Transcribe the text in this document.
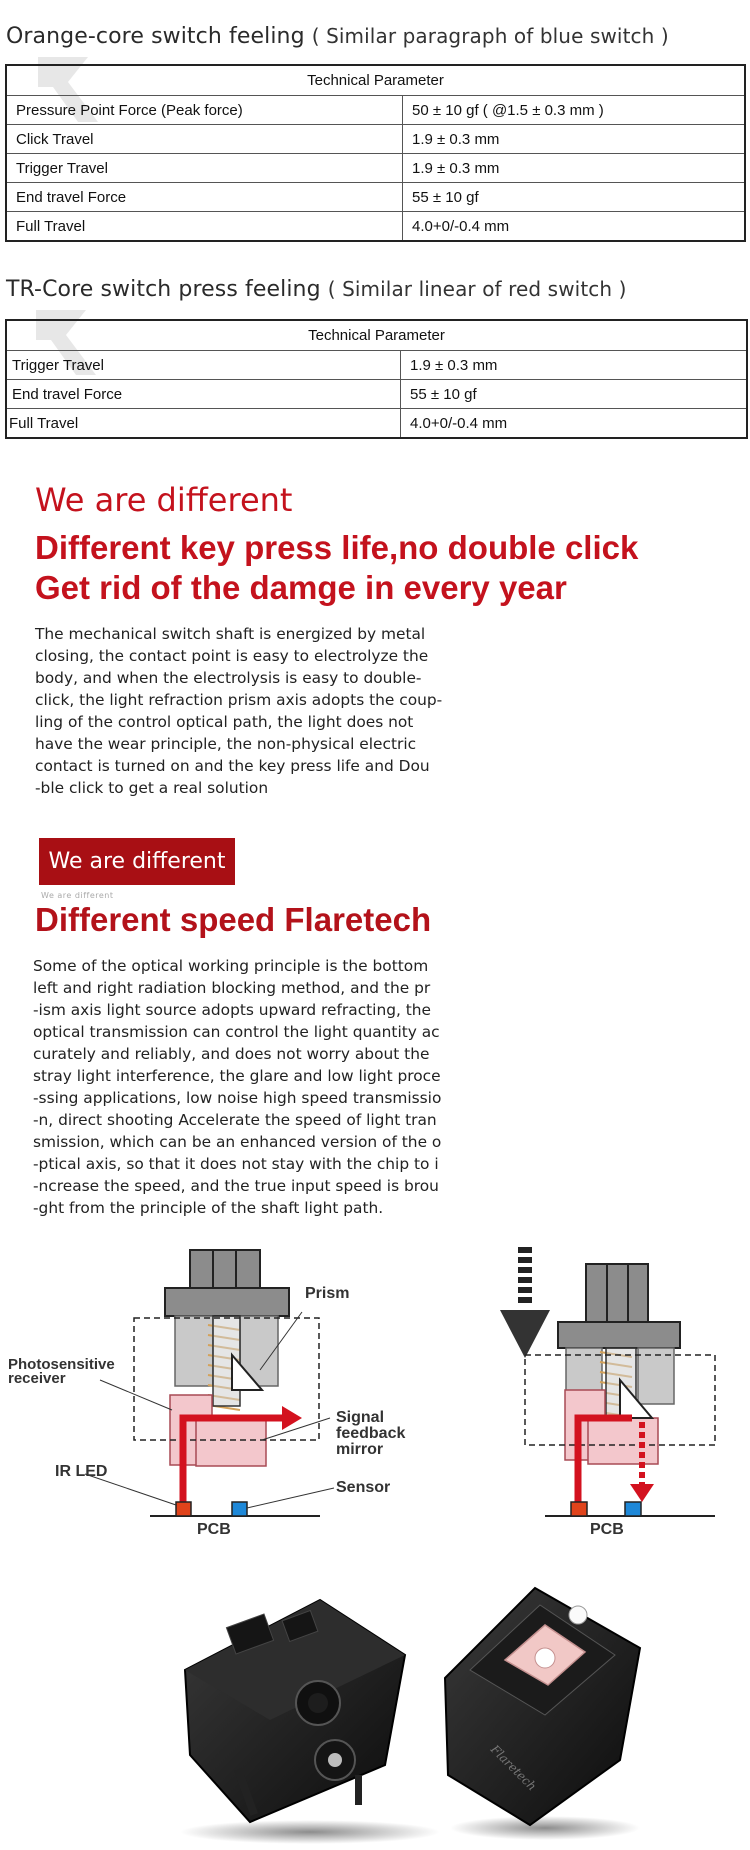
Orange-core switch feeling ( Similar paragraph of blue switch )
Technical Parameter	
Pressure Point Force (Peak force)	50 ± 10 gf ( @1.5 ± 0.3 mm )
Click Travel	1.9 ± 0.3 mm
Trigger Travel	1.9 ± 0.3 mm
End travel Force	55 ± 10 gf
Full Travel	4.0+0/-0.4 mm
TR-Core switch press feeling ( Similar linear of red switch )
Technical Parameter	
Trigger Travel	1.9 ± 0.3 mm
End travel Force	55 ± 10 gf
Full Travel	4.0+0/-0.4 mm
We are different
Different key press life,no double click
Get rid of the damge in every year
The mechanical switch shaft is energized by metal
closing, the contact point is easy to electrolyze the
body, and when the electrolysis is easy to double-
click, the light refraction prism axis adopts the coup-
ling of the control optical path, the light does not
have the wear principle, the non-physical electric
contact is turned on and the key press life and Dou
-ble click to get a real solution
We are different
We are different
Different speed Flaretech
Some of the optical working principle is the bottom
left and right radiation blocking method, and the pr
-ism axis light source adopts upward refracting, the
optical transmission can control the light quantity ac
curately and reliably, and does not worry about the
stray light interference, the glare and low light proce
-ssing applications, low noise high speed transmissio
-n, direct shooting Accelerate the speed of light tran
smission, which can be an enhanced version of the o
-ptical axis, so that it does not stay with the chip to i
-ncrease the speed, and the true input speed is brou
-ght from the principle of the shaft light path.
Prism
Photosensitive
receiver
Signal
feedback
mirror
IR LED
Sensor
PCB	PCB
Flaretech
